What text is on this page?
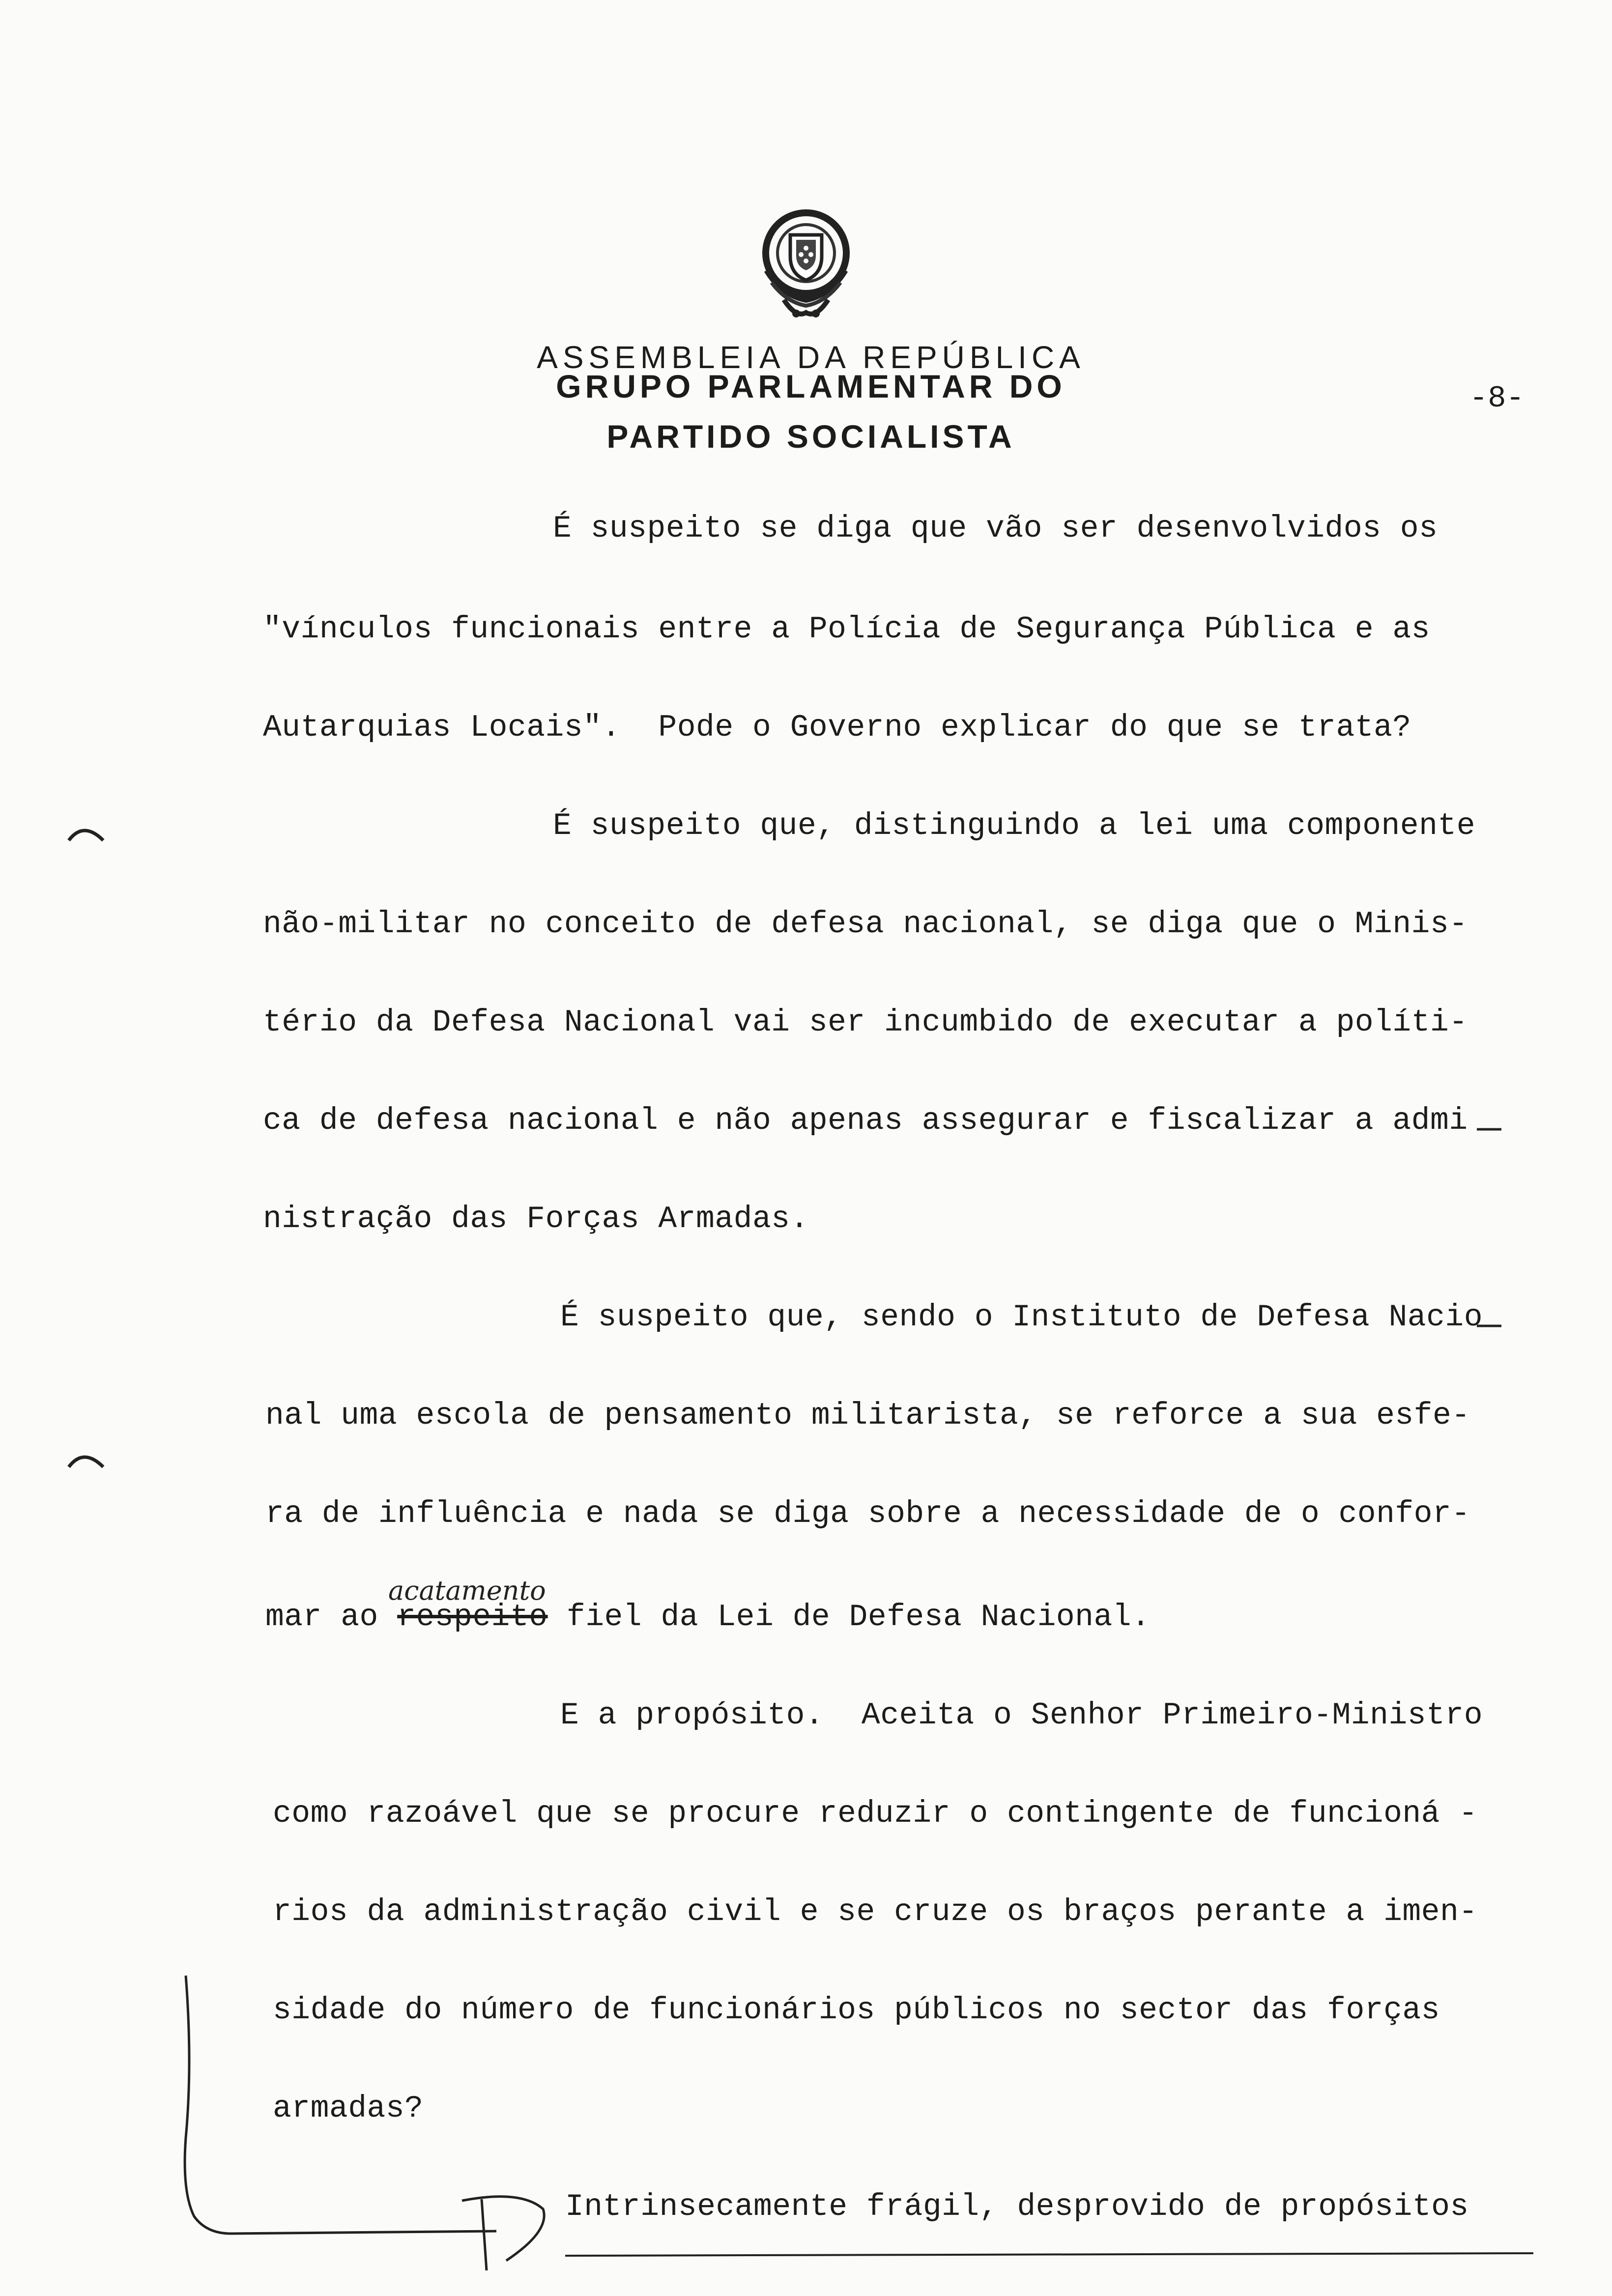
ASSEMBLEIA DA REPÚBLICA
GRUPO PARLAMENTAR DO
PARTIDO SOCIALISTA
-8-
É suspeito se diga que vão ser desenvolvidos os
"vínculos funcionais entre a Polícia de Segurança Pública e as
Autarquias Locais".  Pode o Governo explicar do que se trata?
É suspeito que, distinguindo a lei uma componente
não-militar no conceito de defesa nacional, se diga que o Minis-
tério da Defesa Nacional vai ser incumbido de executar a políti-
ca de defesa nacional e não apenas assegurar e fiscalizar a admi
nistração das Forças Armadas.
É suspeito que, sendo o Instituto de Defesa Nacio
nal uma escola de pensamento militarista, se reforce a sua esfe-
ra de influência e nada se diga sobre a necessidade de o confor-
acatamento
mar ao respeito fiel da Lei de Defesa Nacional.
E a propósito.  Aceita o Senhor Primeiro-Ministro
como razoável que se procure reduzir o contingente de funcioná -
rios da administração civil e se cruze os braços perante a imen-
sidade do número de funcionários públicos no sector das forças
armadas?
Intrinsecamente frágil, desprovido de propósitos
